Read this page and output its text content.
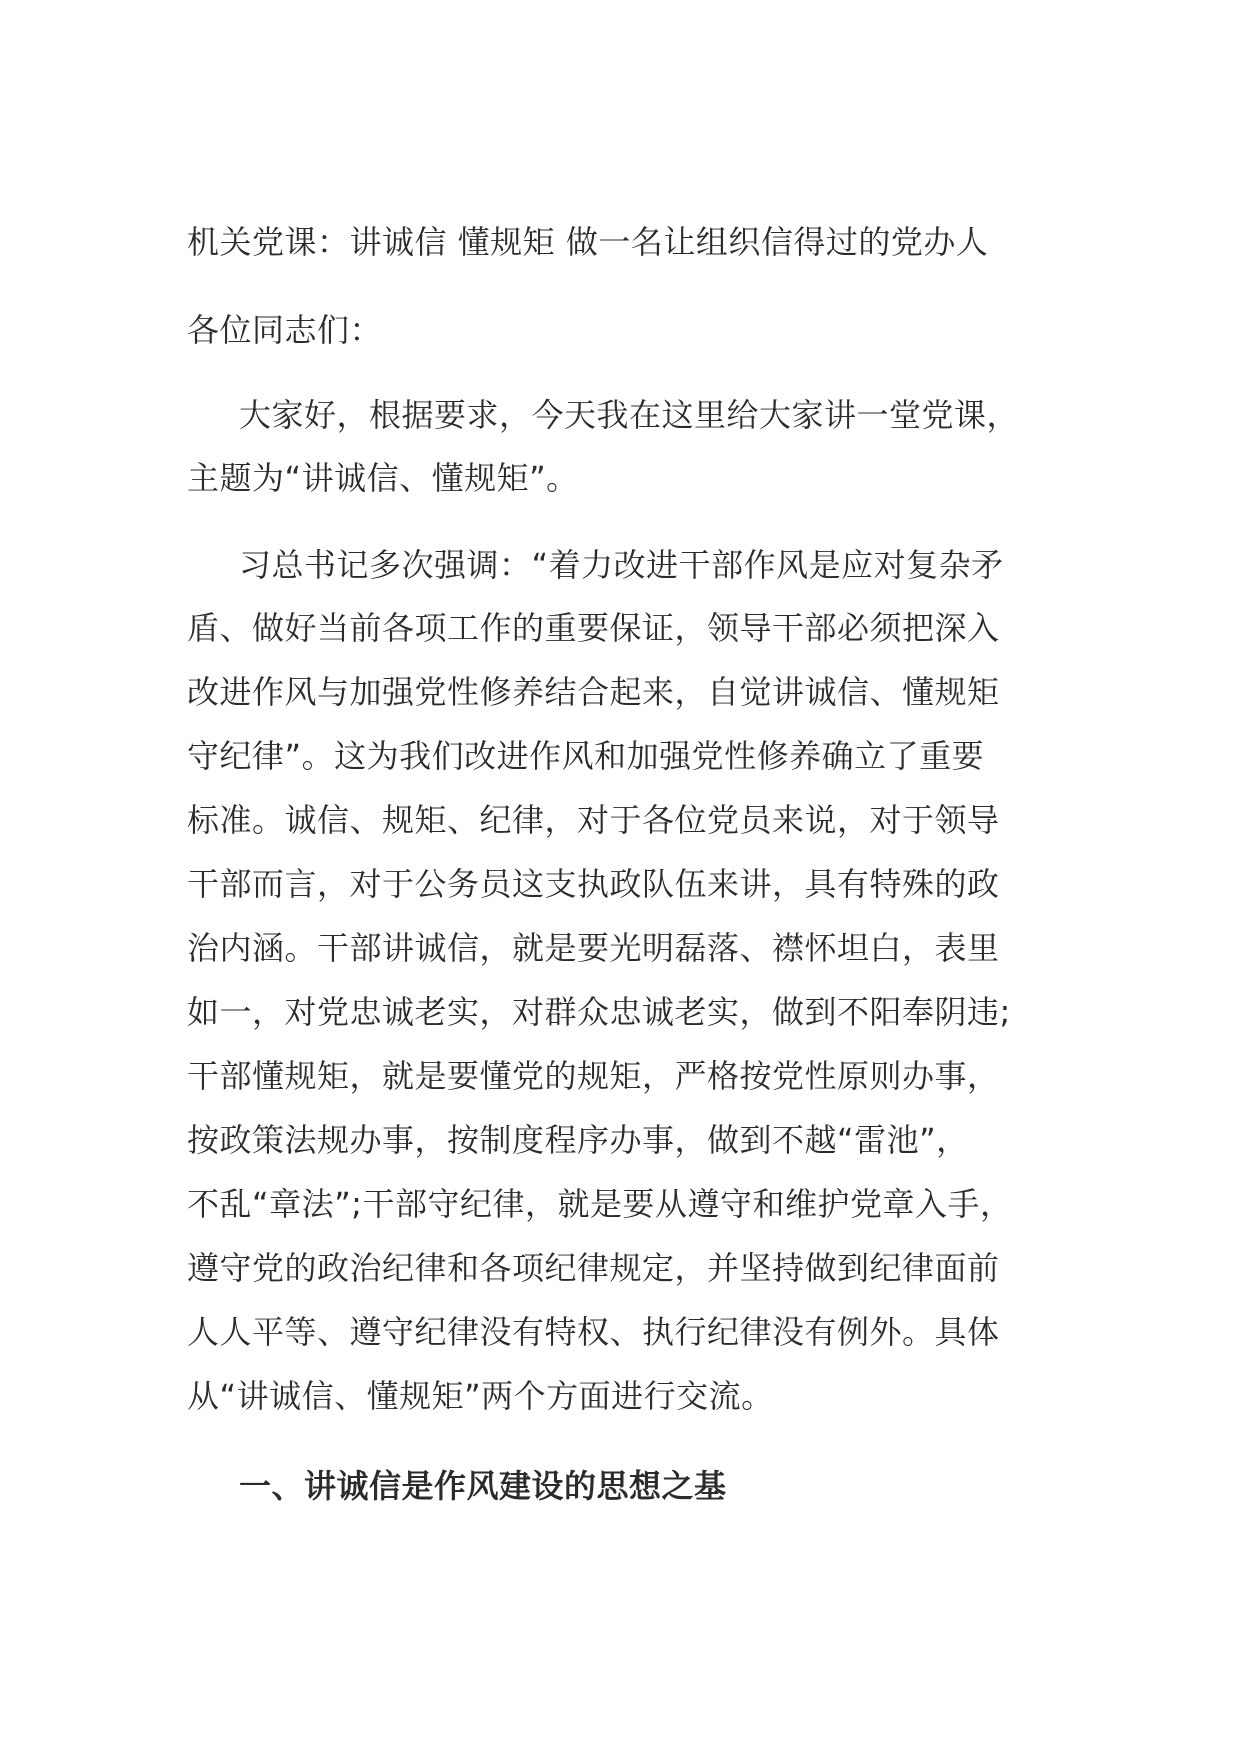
机关党课：讲诚信 懂规矩 做一名让组织信得过的党办人
各位同志们：
大家好，根据要求，今天我在这里给大家讲一堂党课，
主题为“讲诚信、懂规矩”。
习总书记多次强调：“着力改进干部作风是应对复杂矛
盾、做好当前各项工作的重要保证，领导干部必须把深入
改进作风与加强党性修养结合起来，自觉讲诚信、懂规矩
守纪律”。这为我们改进作风和加强党性修养确立了重要
标准。诚信、规矩、纪律，对于各位党员来说，对于领导
干部而言，对于公务员这支执政队伍来讲，具有特殊的政
治内涵。干部讲诚信，就是要光明磊落、襟怀坦白，表里
如一，对党忠诚老实，对群众忠诚老实，做到不阳奉阴违;
干部懂规矩，就是要懂党的规矩，严格按党性原则办事，
按政策法规办事，按制度程序办事，做到不越“雷池”，
不乱“章法”;干部守纪律，就是要从遵守和维护党章入手，
遵守党的政治纪律和各项纪律规定，并坚持做到纪律面前
人人平等、遵守纪律没有特权、执行纪律没有例外。具体
从“讲诚信、懂规矩”两个方面进行交流。
一、讲诚信是作风建设的思想之基
